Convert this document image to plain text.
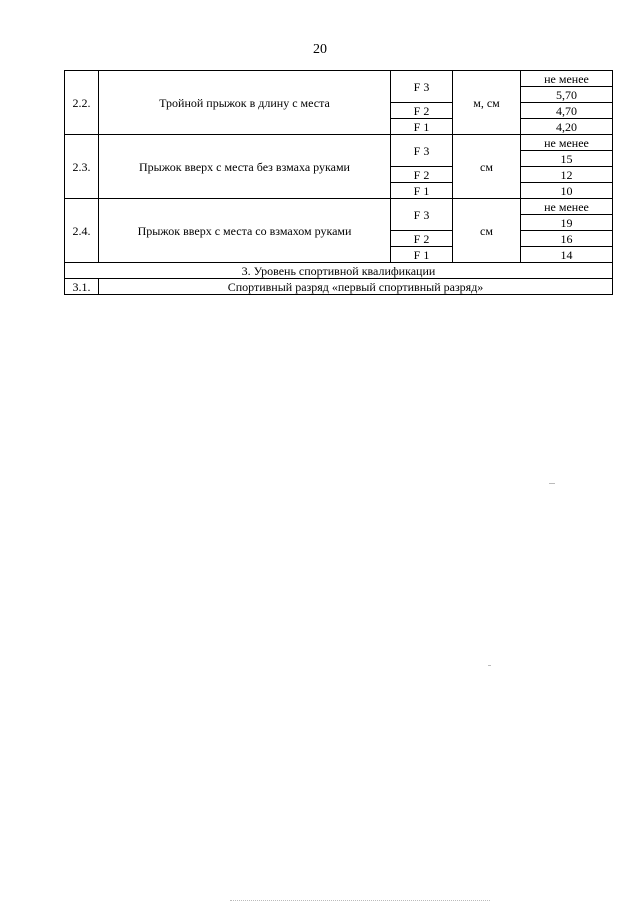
20
2.2.	Тройной прыжок в длину с места	F 3	м, см	не менее
				5,70
		F 2		4,70
		F 1		4,20
2.3.	Прыжок вверх с места без взмаха руками	F 3	см	не менее
				15
		F 2		12
		F 1		10
2.4.	Прыжок вверх с места со взмахом руками	F 3	см	не менее
				19
		F 2		16
		F 1		14
3. Уровень спортивной квалификации				
3.1.	Спортивный разряд «первый спортивный разряд»			
